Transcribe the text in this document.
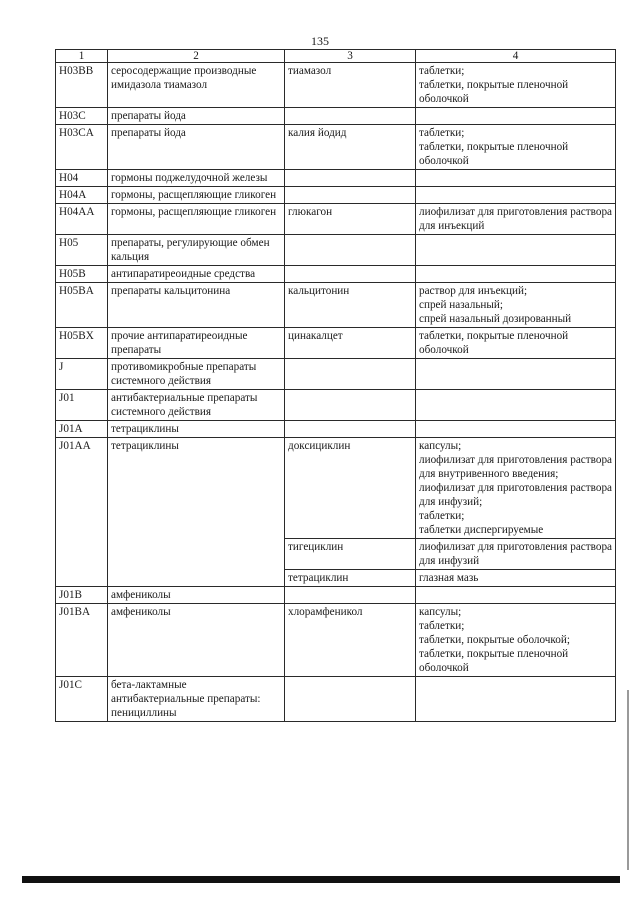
135
1	2	3	4
H03BB	серосодержащие производные имидазола тиамазол	тиамазол	таблетки;
таблетки, покрытые пленочной оболочкой

H03C	препараты йода		
H03CA	препараты йода	калия йодид	таблетки;
таблетки, покрытые пленочной оболочкой

H04	гормоны поджелудочной железы		
H04A	гормоны, расщепляющие гликоген		
H04AA	гормоны, расщепляющие гликоген	глюкагон	лиофилизат для приготовления раствора для инъекций

H05	препараты, регулирующие обмен кальция		
H05B	антипаратиреоидные средства		
H05BA	препараты кальцитонина	кальцитонин	раствор для инъекций;
спрей назальный;
спрей назальный дозированный

H05BX	прочие антипаратиреоидные препараты	цинакалцет	таблетки, покрытые пленочной оболочкой

J	противомикробные препараты системного действия		
J01	антибактериальные препараты системного действия		
J01A	тетрациклины		
J01AA	тетрациклины	доксициклин	капсулы;
лиофилизат для приготовления раствора для внутривенного введения;
лиофилизат для приготовления раствора для инфузий;
таблетки;
таблетки диспергируемые

		тигециклин	лиофилизат для приготовления раствора для инфузий

		тетрациклин	глазная мазь

J01B	амфениколы		
J01BA	амфениколы	хлорамфеникол	капсулы;
таблетки;
таблетки, покрытые оболочкой;
таблетки, покрытые пленочной оболочкой

J01C	бета-лактамные антибактериальные препараты: пенициллины		
